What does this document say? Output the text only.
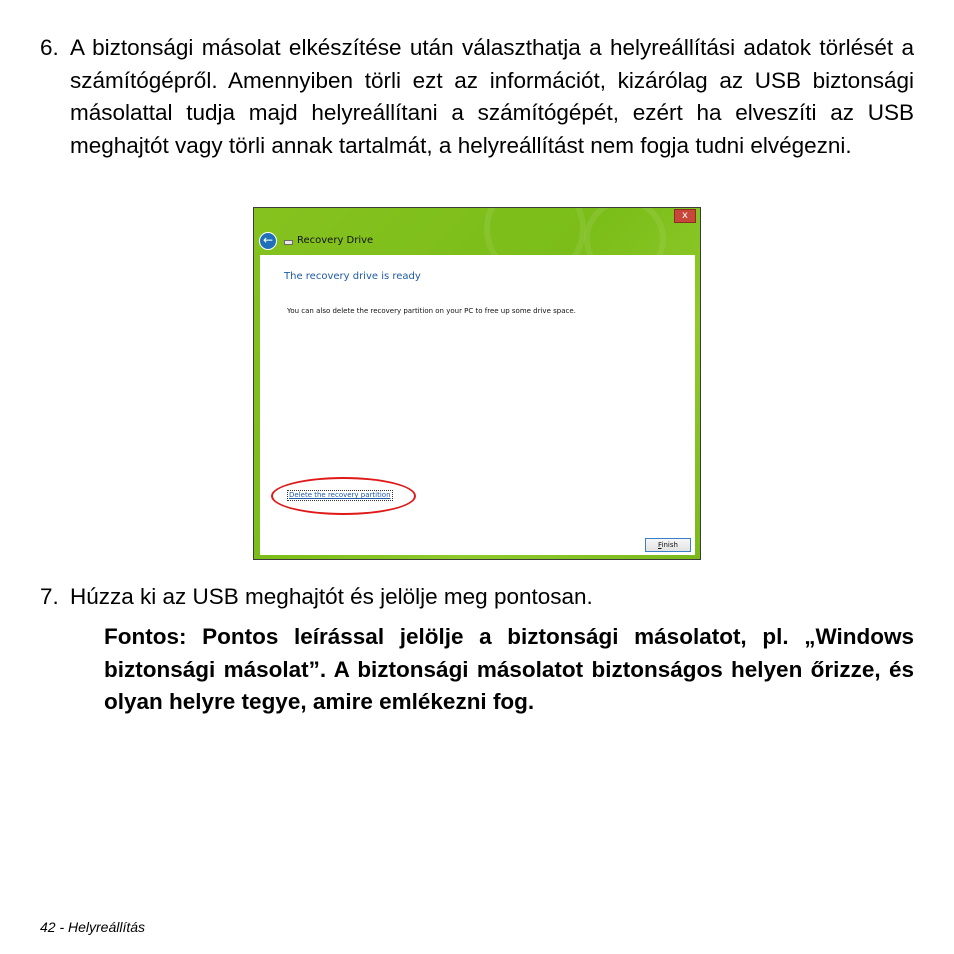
6. A biztonsági másolat elkészítése után választhatja a helyreállítási adatok törlését a számítógépről. Amennyiben törli ezt az információt, kizárólag az USB biztonsági másolattal tudja majd helyreállítani a számítógépét, ezért ha elveszíti az USB meghajtót vagy törli annak tartalmát, a helyreállítást nem fogja tudni elvégezni.
x
←	Recovery Drive
The recovery drive is ready
You can also delete the recovery partition on your PC to free up some drive space.
Delete the recovery partition
Finish
7. Húzza ki az USB meghajtót és jelölje meg pontosan.
Fontos: Pontos leírással jelölje a biztonsági másolatot, pl. „Windows biztonsági másolat”. A biztonsági másolatot biztonságos helyen őrizze, és olyan helyre tegye, amire emlékezni fog.
42 - Helyreállítás
